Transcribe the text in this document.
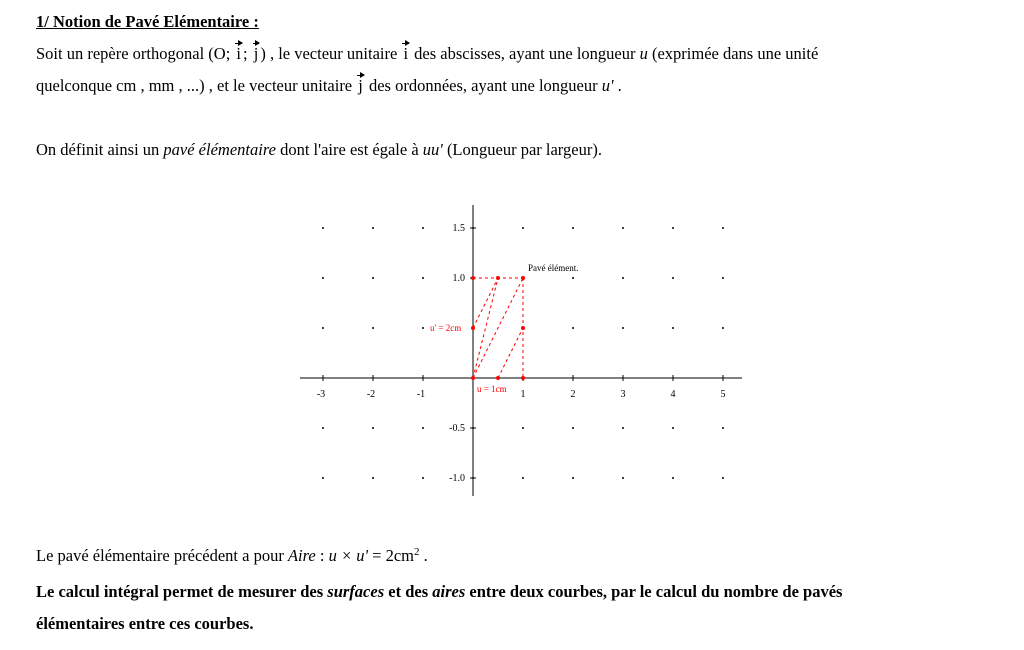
1/ Notion de Pavé Elémentaire :
Soit un repère orthogonal (O; i ; j ) , le vecteur unitaire i des abscisses, ayant une longueur u (exprimée dans une unité
quelconque cm , mm , ...) , et le vecteur unitaire j des ordonnées, ayant une longueur u' .
On définit ainsi un pavé élémentaire dont l'aire est égale à uu' (Longueur par largeur).
-3	-2	-1	1	2	3	4	5
1.5
1.0
-0.5
-1.0
Pavé élément.
u = 1cm
u' = 2cm
Le pavé élémentaire précédent a pour Aire : $u \times u' = 2cm^2$ .
Le calcul intégral permet de mesurer des surfaces et des aires entre deux courbes, par le calcul du nombre de pavés
élémentaires entre ces courbes.
